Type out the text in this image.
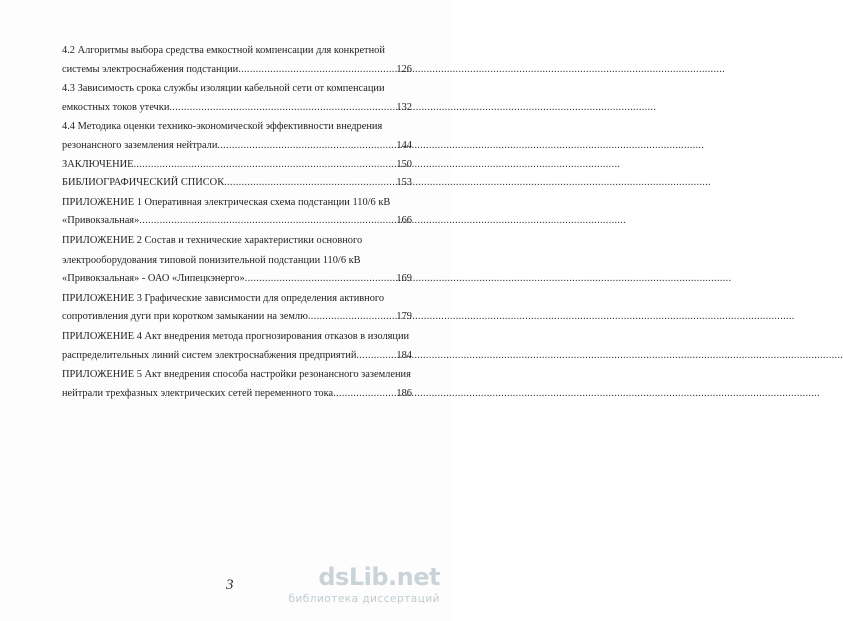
4.2 Алгоритмы выбора средства емкостной компенсации для конкретной
системы электроснабжения подстанции .....	126
4.3 Зависимость срока службы изоляции кабельной сети от компенсации
емкостных токов утечки .....	132
4.4 Методика оценки технико-экономической эффективности внедрения
резонансного заземления нейтрали .....	144
ЗАКЛЮЧЕНИЕ .....	150
БИБЛИОГРАФИЧЕСКИЙ СПИСОК .....	153
ПРИЛОЖЕНИЕ 1 Оперативная электрическая схема подстанции 110/6 кВ
«Привокзальная» .....	166
ПРИЛОЖЕНИЕ 2 Состав и технические характеристики основного
электрооборудования типовой понизительной подстанции 110/6 кВ
«Привокзальная» - ОАО «Липецкэнерго» .....	169
ПРИЛОЖЕНИЕ 3 Графические зависимости для определения активного
сопротивления дуги при коротком замыкании на землю .....	179
ПРИЛОЖЕНИЕ 4 Акт внедрения метода прогнозирования отказов в изоляции
распределительных линий систем электроснабжения предприятий .....	184
ПРИЛОЖЕНИЕ 5 Акт внедрения способа настройки резонансного заземления
нейтрали трехфазных электрических сетей переменного тока .....	186
3	dsLib.net
библиотека диссертаций
